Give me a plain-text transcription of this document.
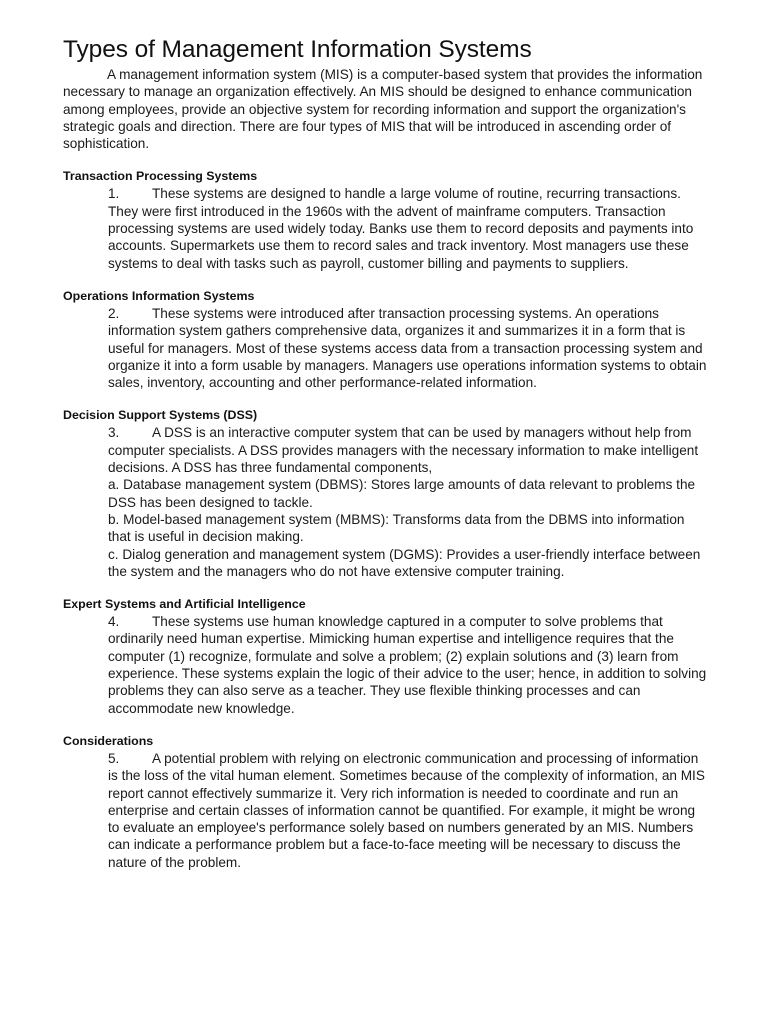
Types of Management Information Systems

A management information system (MIS) is a computer-based system that provides the information necessary to manage an organization effectively. An MIS should be designed to enhance communication among employees, provide an objective system for recording information and support the organization's strategic goals and direction. There are four types of MIS that will be introduced in ascending order of sophistication.

Transaction Processing Systems

1. These systems are designed to handle a large volume of routine, recurring transactions. They were first introduced in the 1960s with the advent of mainframe computers. Transaction processing systems are used widely today. Banks use them to record deposits and payments into accounts. Supermarkets use them to record sales and track inventory. Most managers use these systems to deal with tasks such as payroll, customer billing and payments to suppliers.

Operations Information Systems

2. These systems were introduced after transaction processing systems. An operations information system gathers comprehensive data, organizes it and summarizes it in a form that is useful for managers. Most of these systems access data from a transaction processing system and organize it into a form usable by managers. Managers use operations information systems to obtain sales, inventory, accounting and other performance-related information.

Decision Support Systems (DSS)

3. A DSS is an interactive computer system that can be used by managers without help from computer specialists. A DSS provides managers with the necessary information to make intelligent decisions. A DSS has three fundamental components,

a. Database management system (DBMS): Stores large amounts of data relevant to problems the DSS has been designed to tackle.

b. Model-based management system (MBMS): Transforms data from the DBMS into information that is useful in decision making.

c. Dialog generation and management system (DGMS): Provides a user-friendly interface between the system and the managers who do not have extensive computer training.

Expert Systems and Artificial Intelligence

4. These systems use human knowledge captured in a computer to solve problems that ordinarily need human expertise. Mimicking human expertise and intelligence requires that the computer (1) recognize, formulate and solve a problem; (2) explain solutions and (3) learn from experience. These systems explain the logic of their advice to the user; hence, in addition to solving problems they can also serve as a teacher. They use flexible thinking processes and can accommodate new knowledge.

Considerations

5. A potential problem with relying on electronic communication and processing of information is the loss of the vital human element. Sometimes because of the complexity of information, an MIS report cannot effectively summarize it. Very rich information is needed to coordinate and run an enterprise and certain classes of information cannot be quantified. For example, it might be wrong to evaluate an employee's performance solely based on numbers generated by an MIS. Numbers can indicate a performance problem but a face-to-face meeting will be necessary to discuss the nature of the problem.
